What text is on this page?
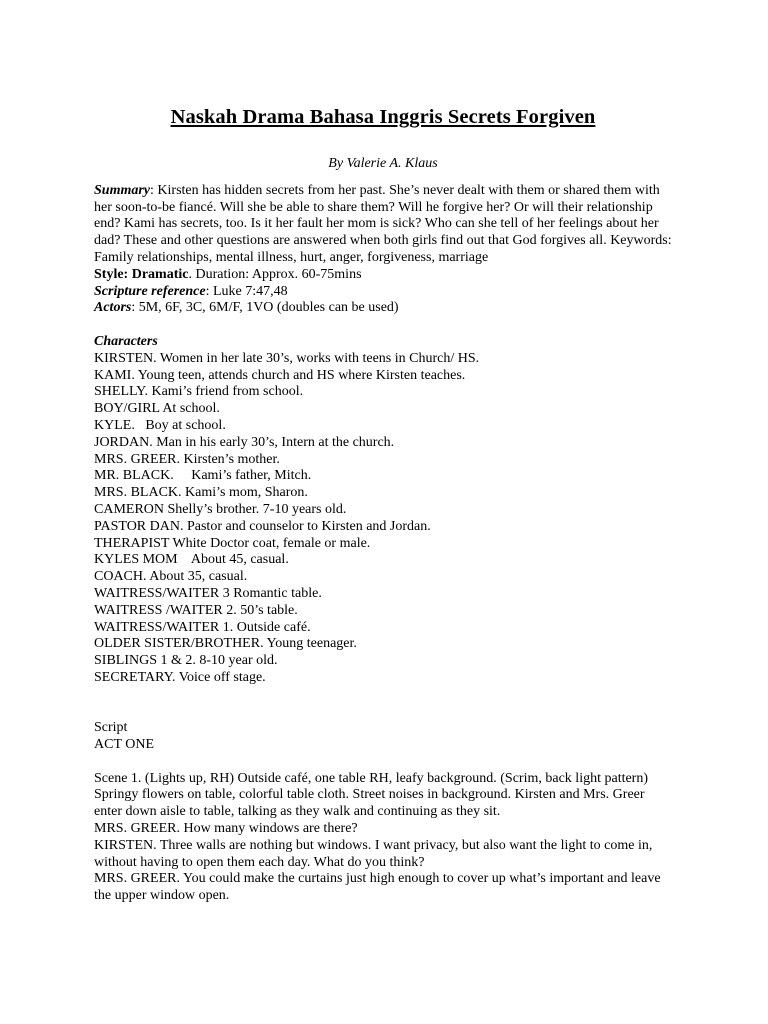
Naskah Drama Bahasa Inggris Secrets Forgiven

By Valerie A. Klaus

Summary: Kirsten has hidden secrets from her past. She’s never dealt with them or shared them with her soon-to-be fiancé. Will she be able to share them? Will he forgive her? Or will their relationship end? Kami has secrets, too. Is it her fault her mom is sick? Who can she tell of her feelings about her dad? These and other questions are answered when both girls find out that God forgives all. Keywords: Family relationships, mental illness, hurt, anger, forgiveness, marriage

Style: Dramatic. Duration: Approx. 60-75mins

Scripture reference: Luke 7:47,48

Actors: 5M, 6F, 3C, 6M/F, 1VO (doubles can be used)

Characters

KIRSTEN. Women in her late 30’s, works with teens in Church/ HS.
KAMI. Young teen, attends church and HS where Kirsten teaches.
SHELLY. Kami’s friend from school.
BOY/GIRL At school.
KYLE.   Boy at school.
JORDAN. Man in his early 30’s, Intern at the church.
MRS. GREER. Kirsten’s mother.
MR. BLACK.     Kami’s father, Mitch.
MRS. BLACK. Kami’s mom, Sharon.
CAMERON Shelly’s brother. 7-10 years old.
PASTOR DAN. Pastor and counselor to Kirsten and Jordan.
THERAPIST White Doctor coat, female or male.
KYLES MOM    About 45, casual.
COACH. About 35, casual.
WAITRESS/WAITER 3 Romantic table.
WAITRESS /WAITER 2. 50’s table.
WAITRESS/WAITER 1. Outside café.
OLDER SISTER/BROTHER. Young teenager.
SIBLINGS 1 & 2. 8-10 year old.
SECRETARY. Voice off stage.

Script

ACT ONE

Scene 1. (Lights up, RH) Outside café, one table RH, leafy background. (Scrim, back light pattern) Springy flowers on table, colorful table cloth. Street noises in background. Kirsten and Mrs. Greer enter down aisle to table, talking as they walk and continuing as they sit.

MRS. GREER. How many windows are there?

KIRSTEN. Three walls are nothing but windows. I want privacy, but also want the light to come in, without having to open them each day. What do you think?

MRS. GREER. You could make the curtains just high enough to cover up what’s important and leave the upper window open.
